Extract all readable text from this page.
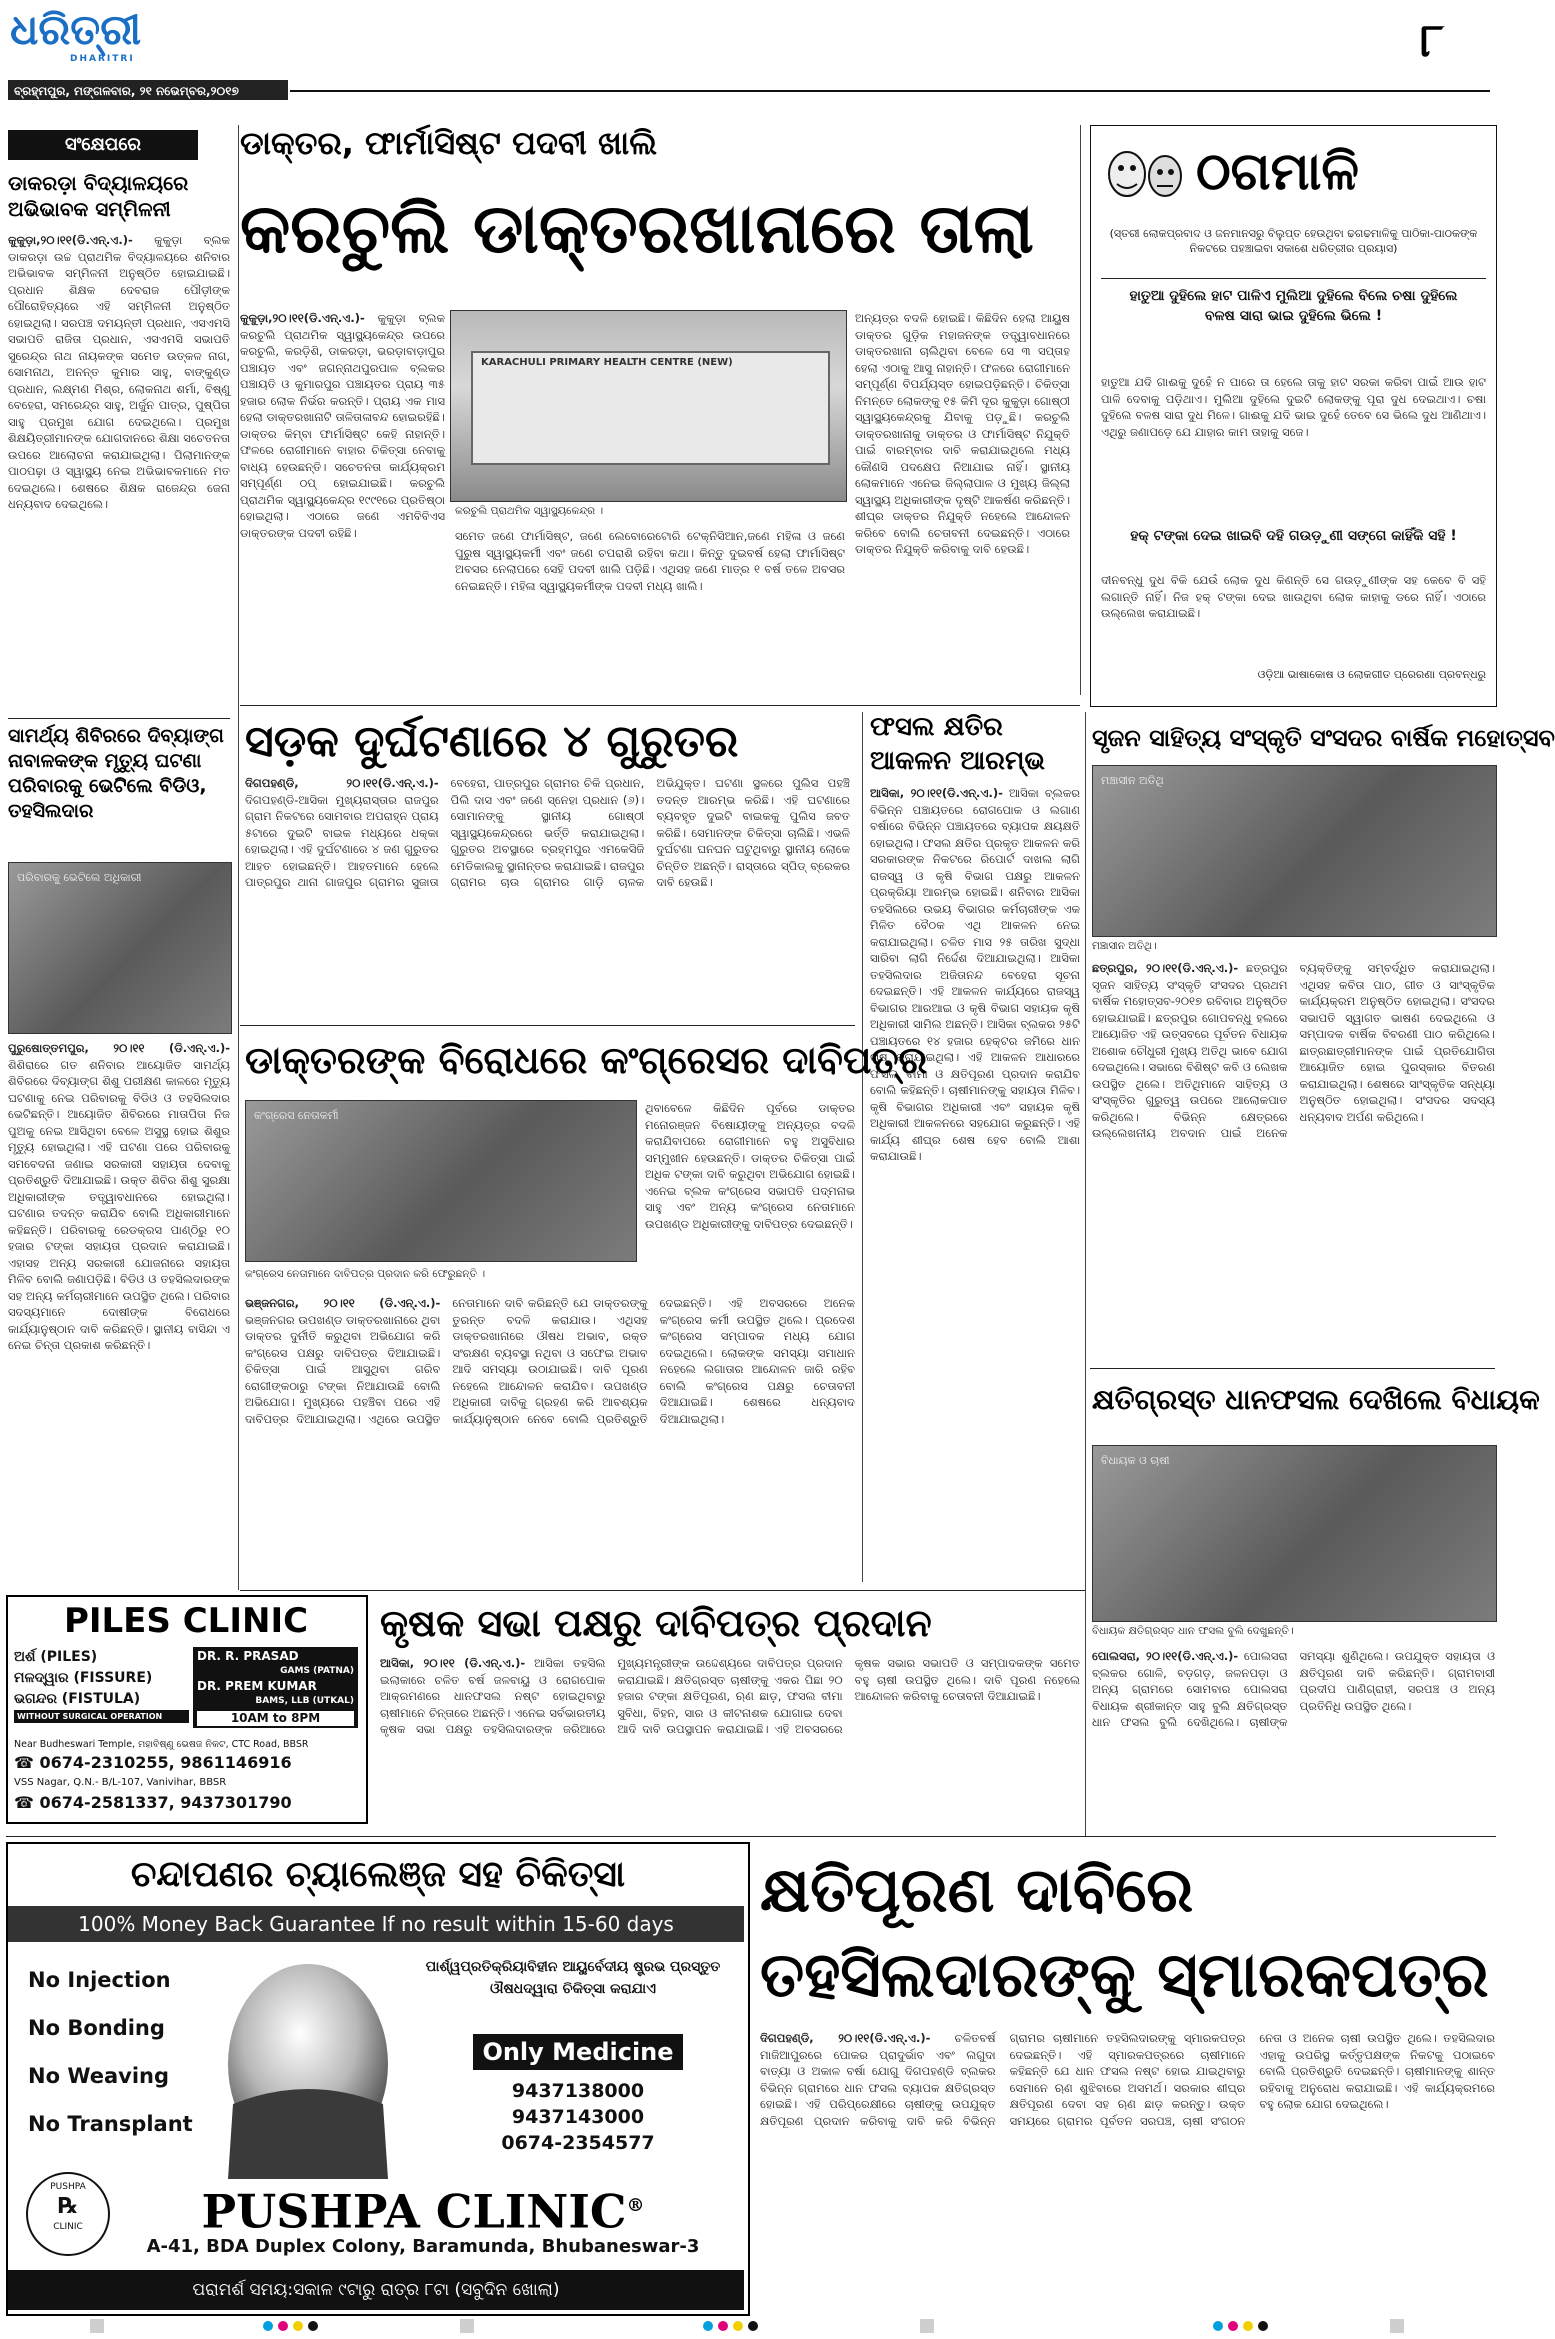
ଧରିତ୍ରୀ
DHARITRI
ବ୍ରହ୍ମପୁର, ମଙ୍ଗଳବାର, ୨୧ ନଭେମ୍ବର,୨୦୧୭
୮
ସଂକ୍ଷେପରେ
ଡାକରଡ଼ା ବିଦ୍ୟାଳୟରେ ଅଭିଭାବକ ସମ୍ମିଳନୀ
କୁକୁଡ଼ା,୨୦।୧୧(ଡି.ଏନ୍.ଏ.)- କୁକୁଡ଼ା ବ୍ଲକ ଡାକରଡ଼ା ଉଚ୍ଚ ପ୍ରାଥମିକ ବିଦ୍ୟାଳୟରେ ଶନିବାର ଅଭିଭାବକ ସମ୍ମିଳନୀ ଅନୁଷ୍ଠିତ ହୋଇଯାଇଛି। ପ୍ରଧାନ ଶିକ୍ଷକ ଦେବରାଜ ପୌଡ଼ୀଙ୍କ ପୌରୋହିତ୍ୟରେ ଏହି ସମ୍ମିଳନୀ ଅନୁଷ୍ଠିତ ହୋଇଥିଲା। ସରପଞ୍ଚ ଦମୟନ୍ତୀ ପ୍ରଧାନ, ଏସଏମସି ସଭାପତି ରାଜିତା ପ୍ରଧାନ, ଏସଏମସି ସଭାପତି ସୁରେନ୍ଦ୍ର ନାଥ ନାୟକଙ୍କ ସମେତ ଉତ୍କଳ ନାଗ, ସୋମନାଥ, ଅନନ୍ତ କୁମାର ସାହୁ, ବାଙ୍କୁଣ୍ଡ ପ୍ରଧାନ, ଲକ୍ଷ୍ମଣ ମିଶ୍ର, ଲୋକନାଥ ଶର୍ମା, ବିଷ୍ଣୁ ବେହେରା, ସମରେନ୍ଦ୍ର ସାହୁ, ଅର୍ଜୁନ ପାତ୍ର, ପୁଷ୍ପିତା ସାହୁ ପ୍ରମୁଖ ଯୋଗ ଦେଇଥିଲେ। ପ୍ରମୁଖ ଶିକ୍ଷୟିତ୍ରୀମାନଙ୍କ ଯୋଗଦାନରେ ଶିକ୍ଷା ସଚେତନତା ଉପରେ ଆଲୋଚନା କରାଯାଇଥିଲା। ପିଲାମାନଙ୍କ ପାଠପଢ଼ା ଓ ସ୍ୱାସ୍ଥ୍ୟ ନେଇ ଅଭିଭାବକମାନେ ମତ ଦେଇଥିଲେ। ଶେଷରେ ଶିକ୍ଷକ ରାଜେନ୍ଦ୍ର ଜେନା ଧନ୍ୟବାଦ ଦେଇଥିଲେ।
ସାମର୍ଥ୍ୟ ଶିବିରରେ ଦିବ୍ୟାଙ୍ଗ ନାବାଳକଙ୍କ ମୃତ୍ୟୁ ଘଟଣା ପରିବାରକୁ ଭେଟିଲେ ବିଡିଓ, ତହସିଲଦାର
ପରିବାରକୁ ଭେଟିଲେ ଅଧିକାରୀ
ପୁରୁଷୋତ୍ତମପୁର, ୨୦।୧୧ (ଡି.ଏନ୍.ଏ.)- ଶିଶିରାରେ ଗତ ଶନିବାର ଆୟୋଜିତ ସାମର୍ଥ୍ୟ ଶିବିରରେ ଦିବ୍ୟାଙ୍ଗ ଶିଶୁ ପରୀକ୍ଷଣ କାଳରେ ମୃତ୍ୟୁ ଘଟଣାକୁ ନେଇ ପରିବାରକୁ ବିଡିଓ ଓ ତହସିଲଦାର ଭେଟିଛନ୍ତି। ଆୟୋଜିତ ଶିବିରରେ ମାତାପିତା ନିଜ ପୁଅକୁ ନେଇ ଆସିଥିବା ବେଳେ ଅସୁସ୍ଥ ହୋଇ ଶିଶୁର ମୃତ୍ୟୁ ହୋଇଥିଲା। ଏହି ଘଟଣା ପରେ ପରିବାରକୁ ସମବେଦନା ଜଣାଇ ସରକାରୀ ସହାୟତା ଦେବାକୁ ପ୍ରତିଶ୍ରୁତି ଦିଆଯାଇଛି। ଉକ୍ତ ଶିବିର ଶିଶୁ ସୁରକ୍ଷା ଅଧିକାରୀଙ୍କ ତତ୍ତ୍ୱାବଧାନରେ ହୋଇଥିଲା। ଘଟଣାର ତଦନ୍ତ କରାଯିବ ବୋଲି ଅଧିକାରୀମାନେ କହିଛନ୍ତି। ପରିବାରକୁ ରେଡକ୍ରସ ପାଣ୍ଠିରୁ ୧୦ ହଜାର ଟଙ୍କା ସହାୟତା ପ୍ରଦାନ କରାଯାଇଛି। ଏହାସହ ଅନ୍ୟ ସରକାରୀ ଯୋଜନାରେ ସହାୟତା ମିଳିବ ବୋଲି ଜଣାପଡ଼ିଛି। ବିଡିଓ ଓ ତହସିଲଦାରଙ୍କ ସହ ଅନ୍ୟ କର୍ମଚାରୀମାନେ ଉପସ୍ଥିତ ଥିଲେ। ପରିବାର ସଦସ୍ୟମାନେ ଦୋଷୀଙ୍କ ବିରୋଧରେ କାର୍ଯ୍ୟାନୁଷ୍ଠାନ ଦାବି କରିଛନ୍ତି। ସ୍ଥାନୀୟ ବାସିନ୍ଦା ଏ ନେଇ ଚିନ୍ତା ପ୍ରକାଶ କରିଛନ୍ତି।
ଡାକ୍ତର, ଫାର୍ମାସିଷ୍ଟ ପଦବୀ ଖାଲି
କରଚୁଲି ଡାକ୍ତରଖାନାରେ ତାଲା
କୁକୁଡ଼ା,୨୦।୧୧(ଡି.ଏନ୍.ଏ.)- କୁକୁଡ଼ା ବ୍ଲକ କରଚୁଲି ପ୍ରାଥମିକ ସ୍ୱାସ୍ଥ୍ୟକେନ୍ଦ୍ର ଉପରେ କରଚୁଲି, କରଡ଼ିଶି, ଡାକରଡ଼ା, ଭରଡ଼ାବାଡ଼ାପୁର ପଞ୍ଚାୟତ ଏବଂ ଜଗନ୍ନାଥପୁରପାଳ ବ୍ଲକର ପଞ୍ଚାୟତି ଓ କୁମାରପୁର ପଞ୍ଚାୟତର ପ୍ରାୟ ୩୫ ହଜାର ଲୋକ ନିର୍ଭର କରନ୍ତି। ପ୍ରାୟ ଏକ ମାସ ହେଲା ଡାକ୍ତରଖାନାଟି ତାଳିତାଳାବନ୍ଦ ହୋଇରହିଛି। ଡାକ୍ତର କିମ୍ବା ଫାର୍ମାସିଷ୍ଟ କେହି ନାହାନ୍ତି। ଫଳରେ ରୋଗୀମାନେ ବାହାର ଚିକିତ୍ସା ନେବାକୁ ବାଧ୍ୟ ହେଉଛନ୍ତି। ସଚେତନତା କାର୍ଯ୍ୟକ୍ରମ ସମ୍ପୂର୍ଣ୍ଣ ଠପ୍ ହୋଇଯାଇଛି। କରଚୁଲି ପ୍ରାଥମିକ ସ୍ୱାସ୍ଥ୍ୟକେନ୍ଦ୍ର ୧୯୯୧ରେ ପ୍ରତିଷ୍ଠା ହୋଇଥିଲା। ଏଠାରେ ଜଣେ ଏମବିବିଏସ ଡାକ୍ତରଙ୍କ ପଦବୀ ରହିଛି।
KARACHULI PRIMARY HEALTH CENTRE (NEW)
କରଚୁଲି ପ୍ରାଥମିକ ସ୍ୱାସ୍ଥ୍ୟକେନ୍ଦ୍ର ।
ସମେତ ଜଣେ ଫାର୍ମାସିଷ୍ଟ, ଜଣେ ଲେବୋରେଟୋରି ଟେକ୍ନିସିଆନ,ଜଣେ ମହିଳା ଓ ଜଣେ ପୁରୁଷ ସ୍ୱାସ୍ଥ୍ୟକର୍ମୀ ଏବଂ ଜଣେ ଚପରାଶି ରହିବା କଥା। କିନ୍ତୁ ଦୁଇବର୍ଷ ହେଲା ଫାର୍ମାସିଷ୍ଟ ଅବସର ନେଲାପରେ ସେହି ପଦବୀ ଖାଲି ପଡ଼ିଛି। ଏଥିସହ ଜଣେ ମାତ୍ର ୧ ବର୍ଷ ତଳେ ଅବସର ନେଇଛନ୍ତି। ମହିଳା ସ୍ୱାସ୍ଥ୍ୟକର୍ମୀଙ୍କ ପଦବୀ ମଧ୍ୟ ଖାଲି।
ଅନ୍ୟତ୍ର ବଦଳି ହୋଇଛି। କିଛିଦିନ ହେଲା ଆୟୁଷ ଡାକ୍ତର ଗୁଡ଼ିକ ମହାଜନଙ୍କ ତତ୍ତ୍ୱାବଧାନରେ ଡାକ୍ତରଖାନା ଚାଲିଥିବା ବେଳେ ସେ ୩ ସପ୍ତାହ ହେଲା ଏଠାକୁ ଆସୁ ନାହାନ୍ତି। ଫଳରେ ରୋଗୀମାନେ ସମ୍ପୂର୍ଣ୍ଣ ବିପର୍ଯ୍ୟସ୍ତ ହୋଇପଡ଼ିଛନ୍ତି। ଚିକିତ୍ସା ନିମନ୍ତେ ଲୋକଙ୍କୁ ୧୫ କିମି ଦୂର କୁକୁଡ଼ା ଗୋଷ୍ଠୀ ସ୍ୱାସ୍ଥ୍ୟକେନ୍ଦ୍ରକୁ ଯିବାକୁ ପଡ଼ୁଛି। କରଚୁଲି ଡାକ୍ତରଖାନାକୁ ଡାକ୍ତର ଓ ଫାର୍ମାସିଷ୍ଟ ନିଯୁକ୍ତି ପାଇଁ ବାରମ୍ବାର ଦାବି କରାଯାଇଥିଲେ ମଧ୍ୟ କୌଣସି ପଦକ୍ଷେପ ନିଆଯାଇ ନାହିଁ। ସ୍ଥାନୀୟ ଲୋକମାନେ ଏନେଇ ଜିଲ୍ଲାପାଳ ଓ ମୁଖ୍ୟ ଜିଲ୍ଲା ସ୍ୱାସ୍ଥ୍ୟ ଅଧିକାରୀଙ୍କ ଦୃଷ୍ଟି ଆକର୍ଷଣ କରିଛନ୍ତି। ଶୀଘ୍ର ଡାକ୍ତର ନିଯୁକ୍ତି ନହେଲେ ଆନ୍ଦୋଳନ କରିବେ ବୋଲି ଚେତାବନୀ ଦେଇଛନ୍ତି। ଏଠାରେ ଡାକ୍ତର ନିଯୁକ୍ତି କରିବାକୁ ଦାବି ହେଉଛି।
ଠଗମାଳି
(ସ୍ତରୀ ଲୋକପ୍ରବାଦ ଓ ଜନମାନସରୁ ବିଲୁପ୍ତ ହେଉଥିବା ଢଗଢମାଳିକୁ ପାଠିକା-ପାଠକଙ୍କ ନିକଟରେ ପହଞ୍ଚାଇବା ସକାଶେ ଧରିତ୍ରୀର ପ୍ରୟାସ)
ହାତୁଆ ଦୁହିଲେ ହାଟ ପାଳିଏ ମୁଲିଆ ଦୁହିଲେ ବିଲେ ଚଷା ଦୁହିଲେ ବଳଷ ସାରା ଭାଇ ଦୁହିଲେ ଭିଲେ !
ହାତୁଆ ଯଦି ଗାଈକୁ ଦୁହେଁ ନ ପାରେ ତା ହେଲେ ତାକୁ ହାଟ ସରକା କରିବା ପାଇଁ ଆଉ ହାଟ ପାଳି ଦେବାକୁ ପଡ଼ିଥାଏ। ମୁଲିଆ ଦୁହିଲେ ଦୁଇଟି ଲୋକଙ୍କୁ ପୂରା ଦୁଧ ଦେଇଥାଏ। ଚଷା ଦୁହିଲେ ବଳଷ ସାରା ଦୁଧ ମିଳେ। ଗାଈକୁ ଯଦି ଭାଇ ଦୁହେଁ ତେବେ ସେ ଭିଲେ ଦୁଧ ଆଣିଥାଏ। ଏଥିରୁ ଜଣାପଡ଼େ ଯେ ଯାହାର କାମ ତାହାକୁ ସଜେ।
ହକ୍ ଟଙ୍କା ଦେଇ ଖାଇବି ଦହି ଗଉଡ଼ୁଣୀ ସଙ୍ଗେ କାହିଁକି ସହି !
ଦୀନବନ୍ଧୁ ଦୁଧ ବିକି ଯେଉଁ ଲୋକ ଦୁଧ କିଣନ୍ତି ସେ ଗଉଡ଼ୁଣୀଙ୍କ ସହ କେବେ ବି ସହି ଲଗାନ୍ତି ନାହିଁ। ନିଜ ହକ୍ ଟଙ୍କା ଦେଇ ଖାଉଥିବା ଲୋକ କାହାକୁ ଡରେ ନାହିଁ। ଏଠାରେ ଉଲ୍ଲେଖ କରାଯାଇଛି।
ଓଡ଼ିଆ ଭାଷାକୋଷ ଓ ଲୋକଗୀତ ପ୍ରେରଣା ପ୍ରବନ୍ଧରୁ
ସଡ଼କ ଦୁର୍ଘଟଣାରେ ୪ ଗୁରୁତର
ଦିଗପହଣ୍ଡି, ୨୦।୧୧(ଡି.ଏନ୍.ଏ.)- ଦିଗପହଣ୍ଡି-ଆସିକା ମୁଖ୍ୟରାସ୍ତାର ରାଜପୁର ଗ୍ରାମ ନିକଟରେ ସୋମବାର ଅପରାହ୍ନ ପ୍ରାୟ ୫ଟାରେ ଦୁଇଟି ବାଇକ ମଧ୍ୟରେ ଧକ୍କା ହୋଇଥିଲା। ଏହି ଦୁର୍ଘଟଣାରେ ୪ ଜଣ ଗୁରୁତର ଆହତ ହୋଇଛନ୍ତି। ଆହତମାନେ ହେଲେ ପାତ୍ରପୁର ଥାନା ଗାଜପୁର ଗ୍ରାମର ସୁଜାତା ବେହେରା, ପାତ୍ରପୁର ଗ୍ରାମର ଚିକି ପ୍ରଧାନ, ପିଲି ଦାସ ଏବଂ ଜଣେ ସ୍ନେହା ପ୍ରଧାନ (୬)। ସୋମାନଙ୍କୁ ସ୍ଥାନୀୟ ଗୋଷ୍ଠୀ ସ୍ୱାସ୍ଥ୍ୟକେନ୍ଦ୍ରରେ ଭର୍ତ୍ତି କରାଯାଇଥିଲା। ଗୁରୁତର ଅବସ୍ଥାରେ ବ୍ରହ୍ମପୁର ଏମକେସିଜି ମେଡିକାଲକୁ ସ୍ଥାନାନ୍ତର କରାଯାଇଛି। ରାଜପୁର ଗ୍ରାମର ଚାଉ ଗ୍ରାମର ଗାଡ଼ି ଚାଳକ ଅଭିଯୁକ୍ତ। ଘଟଣା ସ୍ଥଳରେ ପୁଲିସ ପହଞ୍ଚି ତଦନ୍ତ ଆରମ୍ଭ କରିଛି। ଏହି ଘଟଣାରେ ବ୍ୟବହୃତ ଦୁଇଟି ବାଇକକୁ ପୁଲିସ ଜବତ କରିଛି। ସେମାନଙ୍କ ଚିକିତ୍ସା ଚାଲିଛି। ଏଭଳି ଦୁର୍ଘଟଣା ଘନଘନ ଘଟୁଥିବାରୁ ସ୍ଥାନୀୟ ଲୋକେ ଚିନ୍ତିତ ଅଛନ୍ତି। ରାସ୍ତାରେ ସ୍ପିଡ୍ ବ୍ରେକର ଦାବି ହେଉଛି।
ଫସଲ କ୍ଷତିର ଆକଳନ ଆରମ୍ଭ
ଆସିକା, ୨୦।୧୧(ଡି.ଏନ୍.ଏ.)- ଆସିକା ବ୍ଲକର ବିଭିନ୍ନ ପଞ୍ଚାୟତରେ ରୋଗପୋକ ଓ ଲଗାଣ ବର୍ଷାରେ ବିଭିନ୍ନ ପଞ୍ଚାୟତରେ ବ୍ୟାପକ କ୍ଷୟକ୍ଷତି ହୋଇଥିଲା। ଫସଲ କ୍ଷତିର ପ୍ରକୃତ ଆକଳନ କରି ସରକାରଙ୍କ ନିକଟରେ ରିପୋର୍ଟ ଦାଖଲ ଲାଗି ରାଜସ୍ୱ ଓ କୃଷି ବିଭାଗ ପକ୍ଷରୁ ଆକଳନ ପ୍ରକ୍ରିୟା ଆରମ୍ଭ ହୋଇଛି। ଶନିବାର ଆସିକା ତହସିଲରେ ଉଭୟ ବିଭାଗର କର୍ମଚାରୀଙ୍କ ଏକ ମିଳିତ ବୈଠକ ଏଥି ଆକଳନ ନେଇ କରାଯାଇଥିଲା। ଚଳିତ ମାସ ୨୫ ତାରିଖ ସୁଦ୍ଧା ସାରିବା ଲାଗି ନିର୍ଦ୍ଦେଶ ଦିଆଯାଇଥିଲା। ଆସିକା ତହସିଲଦାର ଅଜିତାନନ୍ଦ ବେହେରା ସୂଚନା ଦେଇଛନ୍ତି। ଏହି ଆକଳନ କାର୍ଯ୍ୟରେ ରାଜସ୍ୱ ବିଭାଗର ଆରଆଇ ଓ କୃଷି ବିଭାଗ ସହାୟକ କୃଷି ଅଧିକାରୀ ସାମିଲ ଅଛନ୍ତି। ଆସିକା ବ୍ଲକର ୨୫ଟି ପଞ୍ଚାୟତରେ ୧୪ ହଜାର ହେକ୍ଟର ଜମିରେ ଧାନ ଚାଷ କରାଯାଇଥିଲା। ଏହି ଆକଳନ ଆଧାରରେ ଫସଲ ବୀମା ଓ କ୍ଷତିପୂରଣ ପ୍ରଦାନ କରାଯିବ ବୋଲି କହିଛନ୍ତି। ଚାଷୀମାନଙ୍କୁ ସହାୟତା ମିଳିବ। କୃଷି ବିଭାଗର ଅଧିକାରୀ ଏବଂ ସହାୟକ କୃଷି ଅଧିକାରୀ ଆକଳନରେ ସହଯୋଗ କରୁଛନ୍ତି। ଏହି କାର୍ଯ୍ୟ ଶୀଘ୍ର ଶେଷ ହେବ ବୋଲି ଆଶା କରାଯାଉଛି।
ଡାକ୍ତରଙ୍କ ବିରୋଧରେ କଂଗ୍ରେସର ଦାବିପତ୍ର
କଂଗ୍ରେସ ନେତାକର୍ମୀ
କଂଗ୍ରେସ ନେତାମାନେ ଦାବିପତ୍ର ପ୍ରଦାନ କରି ଫେରୁଛନ୍ତି ।
ଥିବାବେଳେ କିଛିଦିନ ପୂର୍ବରେ ଡାକ୍ତର ମନୋରଞ୍ଜନ ବିଷୋୟୀଙ୍କୁ ଅନ୍ୟତ୍ର ବଦଳି କରାଯିବାପରେ ରୋଗୀମାନେ ବହୁ ଅସୁବିଧାର ସମ୍ମୁଖୀନ ହେଉଛନ୍ତି। ଡାକ୍ତର ଚିକିତ୍ସା ପାଇଁ ଅଧିକ ଟଙ୍କା ଦାବି କରୁଥିବା ଅଭିଯୋଗ ହୋଇଛି। ଏନେଇ ବ୍ଲକ କଂଗ୍ରେସ ସଭାପତି ପଦ୍ମନାଭ ସାହୁ ଏବଂ ଅନ୍ୟ କଂଗ୍ରେସ ନେତାମାନେ ଉପଖଣ୍ଡ ଅଧିକାରୀଙ୍କୁ ଦାବିପତ୍ର ଦେଇଛନ୍ତି।
ଭଞ୍ଜନଗର, ୨୦।୧୧ (ଡି.ଏନ୍.ଏ.)- ଭଞ୍ଜନଗର ଉପଖଣ୍ଡ ଡାକ୍ତରଖାନାରେ ଥିବା ଡାକ୍ତର ଦୁର୍ନୀତି କରୁଥିବା ଅଭିଯୋଗ କରି କଂଗ୍ରେସ ପକ୍ଷରୁ ଦାବିପତ୍ର ଦିଆଯାଇଛି। ଚିକିତ୍ସା ପାଇଁ ଆସୁଥିବା ଗରିବ ରୋଗୀଙ୍କଠାରୁ ଟଙ୍କା ନିଆଯାଉଛି ବୋଲି ଅଭିଯୋଗ। ମୁଖ୍ୟରେ ପହଞ୍ଚିବା ପରେ ଏହି ଦାବିପତ୍ର ଦିଆଯାଇଥିଲା। ଏଥିରେ ଉପସ୍ଥିତ ନେତାମାନେ ଦାବି କରିଛନ୍ତି ଯେ ଡାକ୍ତରଙ୍କୁ ତୁରନ୍ତ ବଦଳି କରାଯାଉ। ଏଥିସହ ଡାକ୍ତରଖାନାରେ ଔଷଧ ଅଭାବ, ରକ୍ତ ସଂରକ୍ଷଣ ବ୍ୟବସ୍ଥା ନଥିବା ଓ ସଫେଇ ଅଭାବ ଆଦି ସମସ୍ୟା ଉଠାଯାଇଛି। ଦାବି ପୂରଣ ନହେଲେ ଆନ୍ଦୋଳନ କରାଯିବ। ଉପଖଣ୍ଡ ଅଧିକାରୀ ଦାବିକୁ ଗ୍ରହଣ କରି ଆବଶ୍ୟକ କାର୍ଯ୍ୟାନୁଷ୍ଠାନ ନେବେ ବୋଲି ପ୍ରତିଶ୍ରୁତି ଦେଇଛନ୍ତି। ଏହି ଅବସରରେ ଅନେକ କଂଗ୍ରେସ କର୍ମୀ ଉପସ୍ଥିତ ଥିଲେ। ପ୍ରଦେଶ କଂଗ୍ରେସ ସମ୍ପାଦକ ମଧ୍ୟ ଯୋଗ ଦେଇଥିଲେ। ଲୋକଙ୍କ ସମସ୍ୟା ସମାଧାନ ନହେଲେ ଲଗାତାର ଆନ୍ଦୋଳନ ଜାରି ରହିବ ବୋଲି କଂଗ୍ରେସ ପକ୍ଷରୁ ଚେତାବନୀ ଦିଆଯାଇଛି। ଶେଷରେ ଧନ୍ୟବାଦ ଦିଆଯାଇଥିଲା।
ସୃଜନ ସାହିତ୍ୟ ସଂସ୍କୃତି ସଂସଦର ବାର୍ଷିକ ମହୋତ୍ସବ
ମଞ୍ଚାସୀନ ଅତିଥି
ମଞ୍ଚାସୀନ ଅତିଥି।
ଛତ୍ରପୁର, ୨୦।୧୧(ଡି.ଏନ୍.ଏ.)- ଛତ୍ରପୁର ସୃଜନ ସାହିତ୍ୟ ସଂସ୍କୃତି ସଂସଦର ପ୍ରଥମ ବାର୍ଷିକ ମହୋତ୍ସବ-୨୦୧୭ ରବିବାର ଅନୁଷ୍ଠିତ ହୋଇଯାଇଛି। ଛତ୍ରପୁର ଗୋପବନ୍ଧୁ ହଲରେ ଆୟୋଜିତ ଏହି ଉତ୍ସବରେ ପୂର୍ବତନ ବିଧାୟକ ଅଶୋକ ଚୌଧୁରୀ ମୁଖ୍ୟ ଅତିଥି ଭାବେ ଯୋଗ ଦେଇଥିଲେ। ସଭାରେ ବିଶିଷ୍ଟ କବି ଓ ଲେଖକ ଉପସ୍ଥିତ ଥିଲେ। ଅତିଥିମାନେ ସାହିତ୍ୟ ଓ ସଂସ୍କୃତିର ଗୁରୁତ୍ୱ ଉପରେ ଆଲୋକପାତ କରିଥିଲେ। ବିଭିନ୍ନ କ୍ଷେତ୍ରରେ ଉଲ୍ଲେଖନୀୟ ଅବଦାନ ପାଇଁ ଅନେକ ବ୍ୟକ୍ତିଙ୍କୁ ସମ୍ବର୍ଦ୍ଧିତ କରାଯାଇଥିଲା। ଏଥିସହ କବିତା ପାଠ, ଗୀତ ଓ ସାଂସ୍କୃତିକ କାର୍ଯ୍ୟକ୍ରମ ଅନୁଷ୍ଠିତ ହୋଇଥିଲା। ସଂସଦର ସଭାପତି ସ୍ୱାଗତ ଭାଷଣ ଦେଇଥିଲେ ଓ ସମ୍ପାଦକ ବାର୍ଷିକ ବିବରଣୀ ପାଠ କରିଥିଲେ। ଛାତ୍ରଛାତ୍ରୀମାନଙ୍କ ପାଇଁ ପ୍ରତିଯୋଗିତା ଆୟୋଜିତ ହୋଇ ପୁରସ୍କାର ବିତରଣ କରାଯାଇଥିଲା। ଶେଷରେ ସାଂସ୍କୃତିକ ସନ୍ଧ୍ୟା ଅନୁଷ୍ଠିତ ହୋଇଥିଲା। ସଂସଦର ସଦସ୍ୟ ଧନ୍ୟବାଦ ଅର୍ପଣ କରିଥିଲେ।
କ୍ଷତିଗ୍ରସ୍ତ ଧାନଫସଲ ଦେଖିଲେ ବିଧାୟକ
ବିଧାୟକ ଓ ଚାଷୀ
ବିଧାୟକ କ୍ଷତିଗ୍ରସ୍ତ ଧାନ ଫସଲ ବୁଲି ଦେଖୁଛନ୍ତି।
ପୋଲସରା, ୨୦।୧୧(ଡି.ଏନ୍.ଏ.)- ପୋଲସରା ବ୍ଲକର ଗୋଳି, ବଡ଼ଗଡ଼, ଜଳନପଡ଼ା ଓ ଅନ୍ୟ ଗ୍ରାମରେ ସୋମବାର ପୋଲସରା ବିଧାୟକ ଶ୍ରୀକାନ୍ତ ସାହୁ ବୁଲି କ୍ଷତିଗ୍ରସ୍ତ ଧାନ ଫସଲ ବୁଲି ଦେଖିଥିଲେ। ଚାଷୀଙ୍କ ସମସ୍ୟା ଶୁଣିଥିଲେ। ଉପଯୁକ୍ତ ସହାୟତା ଓ କ୍ଷତିପୂରଣ ଦାବି କରିଛନ୍ତି। ଗ୍ରାମବାସୀ ପ୍ରଦୀପ ପାଣିଗ୍ରାହୀ, ସରପଞ୍ଚ ଓ ଅନ୍ୟ ପ୍ରତିନିଧି ଉପସ୍ଥିତ ଥିଲେ।
PILES CLINIC
ଅର୍ଶ (PILES)
ମଳଦ୍ୱାର (FISSURE)
ଭଗନ୍ଦର (FISTULA)
WITHOUT SURGICAL OPERATION
DR. R. PRASAD
GAMS (PATNA)
DR. PREM KUMAR
BAMS, LLB (UTKAL)
10AM to 8PM
Near Budheswari Temple, ମହାବିଷ୍ଣୁ ଭେଷଜ ନିକଟ, CTC Road, BBSR
☎ 0674-2310255, 9861146916
VSS Nagar, Q.N.- B/L-107, Vanivihar, BBSR
☎ 0674-2581337, 9437301790
କୃଷକ ସଭା ପକ୍ଷରୁ ଦାବିପତ୍ର ପ୍ରଦାନ
ଆସିକା, ୨୦।୧୧ (ଡି.ଏନ୍.ଏ.)- ଆସିକା ତହସିଲ ଇଲାକାରେ ଚଳିତ ବର୍ଷ ଜଳବାୟୁ ଓ ରୋଗପୋକ ଆକ୍ରମଣରେ ଧାନଫସଲ ନଷ୍ଟ ହୋଇଥିବାରୁ ଚାଷୀମାନେ ଚିନ୍ତାରେ ଅଛନ୍ତି। ଏନେଇ ସର୍ବଭାରତୀୟ କୃଷକ ସଭା ପକ୍ଷରୁ ତହସିଲଦାରଙ୍କ ଜରିଆରେ ମୁଖ୍ୟମନ୍ତ୍ରୀଙ୍କ ଉଦ୍ଦେଶ୍ୟରେ ଦାବିପତ୍ର ପ୍ରଦାନ କରାଯାଇଛି। କ୍ଷତିଗ୍ରସ୍ତ ଚାଷୀଙ୍କୁ ଏକର ପିଛା ୨୦ ହଜାର ଟଙ୍କା କ୍ଷତିପୂରଣ, ଋଣ ଛାଡ଼, ଫସଲ ବୀମା ସୁବିଧା, ବିହନ, ସାର ଓ କୀଟନାଶକ ଯୋଗାଇ ଦେବା ଆଦି ଦାବି ଉପସ୍ଥାପନ କରାଯାଇଛି। ଏହି ଅବସରରେ କୃଷକ ସଭାର ସଭାପତି ଓ ସମ୍ପାଦକଙ୍କ ସମେତ ବହୁ ଚାଷୀ ଉପସ୍ଥିତ ଥିଲେ। ଦାବି ପୂରଣ ନହେଲେ ଆନ୍ଦୋଳନ କରିବାକୁ ଚେତାବନୀ ଦିଆଯାଇଛି।
ଚନ୍ଦାପଣର ଚ୍ୟାଲେଞ୍ଜ ସହ ଚିକିତ୍ସା
100% Money Back Guarantee If no result within 15-60 days
No Injection
No Bonding
No Weaving
No Transplant
ପାର୍ଶ୍ୱପ୍ରତିକ୍ରିୟାବିହୀନ ଆୟୁର୍ବେଦୀୟ ଷ୍ଟ୍ରଭ ପ୍ରସ୍ତୁତ ଔଷଧଦ୍ୱାରା ଚିକିତ୍ସା କରାଯାଏ
Only Medicine
9437138000
9437143000
0674-2354577
PUSHPA
℞
CLINIC	PUSHPA CLINIC®
A-41, BDA Duplex Colony, Baramunda, Bhubaneswar-3
ପରାମର୍ଶ ସମୟ:ସକାଳ ୯ଟାରୁ ରାତ୍ର ୮ଟା (ସବୁଦିନ ଖୋଲା)
କ୍ଷତିପୂରଣ ଦାବିରେ
ତହସିଲଦାରଙ୍କୁ ସ୍ମାରକପତ୍ର
ଦିଗପହଣ୍ଡି, ୨୦।୧୧(ଡି.ଏନ୍.ଏ.)- ଚଳିତବର୍ଷ ମାଜିଆପୁରରେ ପୋକର ପ୍ରାଦୁର୍ଭାବ ଏବଂ ଲଗୁଦା ବାତ୍ୟା ଓ ଅକାଳ ବର୍ଷା ଯୋଗୁ ଦିଗପହଣ୍ଡି ବ୍ଲକର ବିଭିନ୍ନ ଗ୍ରାମରେ ଧାନ ଫସଲ ବ୍ୟାପକ କ୍ଷତିଗ୍ରସ୍ତ ହୋଇଛି। ଏହି ପରିପ୍ରେକ୍ଷୀରେ ଚାଷୀଙ୍କୁ ଉପଯୁକ୍ତ କ୍ଷତିପୂରଣ ପ୍ରଦାନ କରିବାକୁ ଦାବି କରି ବିଭିନ୍ନ ଗ୍ରାମର ଚାଷୀମାନେ ତହସିଲଦାରଙ୍କୁ ସ୍ମାରକପତ୍ର ଦେଇଛନ୍ତି। ଏହି ସ୍ମାରକପତ୍ରରେ ଚାଷୀମାନେ କହିଛନ୍ତି ଯେ ଧାନ ଫସଲ ନଷ୍ଟ ହୋଇ ଯାଇଥିବାରୁ ସେମାନେ ଋଣ ଶୁଝିବାରେ ଅସମର୍ଥ। ସରକାର ଶୀଘ୍ର କ୍ଷତିପୂରଣ ଦେବା ସହ ଋଣ ଛାଡ଼ କରନ୍ତୁ। ଉକ୍ତ ସମୟରେ ଗ୍ରାମର ପୂର୍ବତନ ସରପଞ୍ଚ, ଚାଷୀ ସଂଗଠନ ନେତା ଓ ଅନେକ ଚାଷୀ ଉପସ୍ଥିତ ଥିଲେ। ତହସିଲଦାର ଏହାକୁ ଉପରିସ୍ଥ କର୍ତ୍ତୃପକ୍ଷଙ୍କ ନିକଟକୁ ପଠାଇବେ ବୋଲି ପ୍ରତିଶ୍ରୁତି ଦେଇଛନ୍ତି। ଚାଷୀମାନଙ୍କୁ ଶାନ୍ତ ରହିବାକୁ ଅନୁରୋଧ କରାଯାଇଛି। ଏହି କାର୍ଯ୍ୟକ୍ରମରେ ବହୁ ଲୋକ ଯୋଗ ଦେଇଥିଲେ।
